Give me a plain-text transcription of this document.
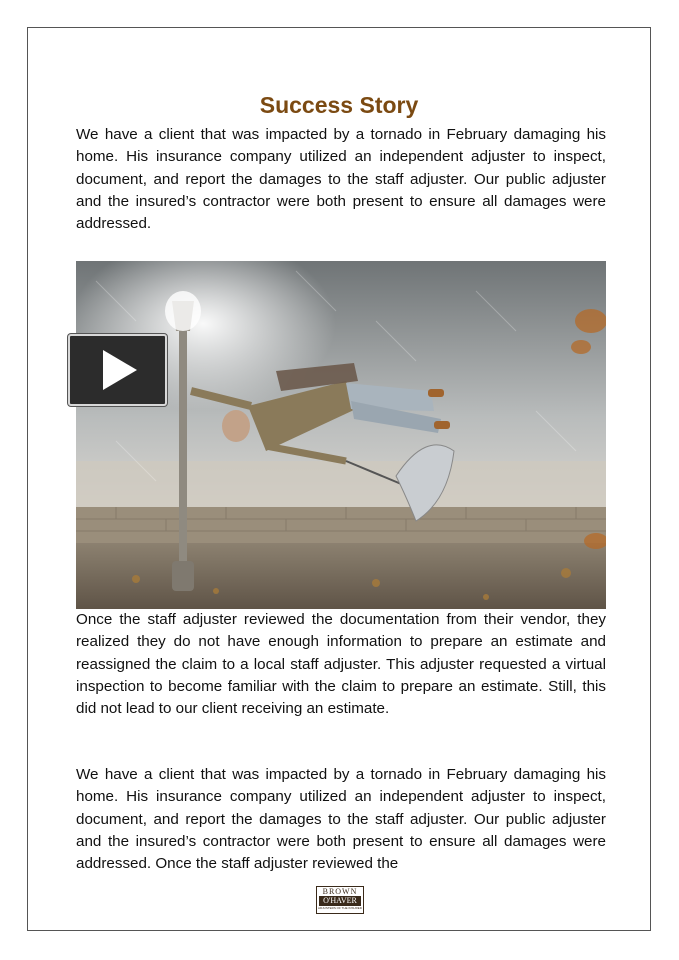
Success Story

We have a client that was impacted by a tornado in February damaging his home. His insurance company utilized an independent adjuster to inspect, document, and report the damages to the staff adjuster. Our public adjuster and the insured’s contractor were both present to ensure all damages were addressed.

Once the staff adjuster reviewed the documentation from their vendor, they realized they do not have enough information to prepare an estimate and reassigned the claim to a local staff adjuster. This adjuster requested a virtual inspection to become familiar with the claim to prepare an estimate. Still, this did not lead to our client receiving an estimate.

We have a client that was impacted by a tornado in February damaging his home. His insurance company utilized an independent adjuster to inspect, document, and report the damages to the staff adjuster. Our public adjuster and the insured’s contractor were both present to ensure all damages were addressed. Once the staff adjuster reviewed the

BROWN
O'HAVER
ADJUSTERS OF THE INSURED
